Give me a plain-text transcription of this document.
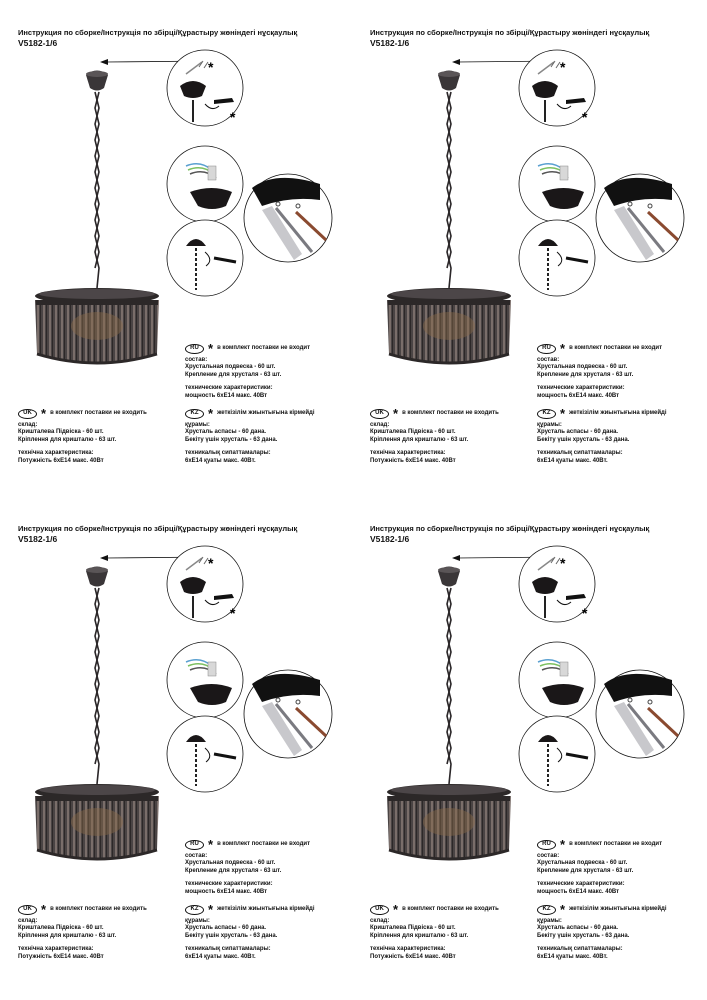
Инструкция по сборке/Інструкція по збірці/Құрастыру жөніндегі нұсқаулық
V5182-1/6
*
*
RU * в комплект поставки не входит
состав:
Хрустальная подвеска - 60 шт.
Крепление для хрусталя - 63 шт.
технические характеристики:
мощность 6хE14 макс. 40Вт
UK * в комплект поставки не входить
склад:
Кришталева Підвіска - 60 шт.
Кріплення для кришталю - 63 шт.
технічна характеристика:
Потужність 6хE14 макс. 40Вт
KZ * жеткізілім жиынтығына кірмейді
құрамы:
Хрусталь аспасы - 60 дана.
Бекіту үшін хрусталь - 63 дана.
техникалық сипаттамалары:
6хE14 қуаты макс. 40Вт.
Инструкция по сборке/Інструкція по збірці/Құрастыру жөніндегі нұсқаулық
V5182-1/6
*
*
RU * в комплект поставки не входит
состав:
Хрустальная подвеска - 60 шт.
Крепление для хрусталя - 63 шт.
технические характеристики:
мощность 6хE14 макс. 40Вт
UK * в комплект поставки не входить
склад:
Кришталева Підвіска - 60 шт.
Кріплення для кришталю - 63 шт.
технічна характеристика:
Потужність 6хE14 макс. 40Вт
KZ * жеткізілім жиынтығына кірмейді
құрамы:
Хрусталь аспасы - 60 дана.
Бекіту үшін хрусталь - 63 дана.
техникалық сипаттамалары:
6хE14 қуаты макс. 40Вт.
Инструкция по сборке/Інструкція по збірці/Құрастыру жөніндегі нұсқаулық
V5182-1/6
*
*
RU * в комплект поставки не входит
состав:
Хрустальная подвеска - 60 шт.
Крепление для хрусталя - 63 шт.
технические характеристики:
мощность 6хE14 макс. 40Вт
UK * в комплект поставки не входить
склад:
Кришталева Підвіска - 60 шт.
Кріплення для кришталю - 63 шт.
технічна характеристика:
Потужність 6хE14 макс. 40Вт
KZ * жеткізілім жиынтығына кірмейді
құрамы:
Хрусталь аспасы - 60 дана.
Бекіту үшін хрусталь - 63 дана.
техникалық сипаттамалары:
6хE14 қуаты макс. 40Вт.
Инструкция по сборке/Інструкція по збірці/Құрастыру жөніндегі нұсқаулық
V5182-1/6
*
*
RU * в комплект поставки не входит
состав:
Хрустальная подвеска - 60 шт.
Крепление для хрусталя - 63 шт.
технические характеристики:
мощность 6хE14 макс. 40Вт
UK * в комплект поставки не входить
склад:
Кришталева Підвіска - 60 шт.
Кріплення для кришталю - 63 шт.
технічна характеристика:
Потужність 6хE14 макс. 40Вт
KZ * жеткізілім жиынтығына кірмейді
құрамы:
Хрусталь аспасы - 60 дана.
Бекіту үшін хрусталь - 63 дана.
техникалық сипаттамалары:
6хE14 қуаты макс. 40Вт.
